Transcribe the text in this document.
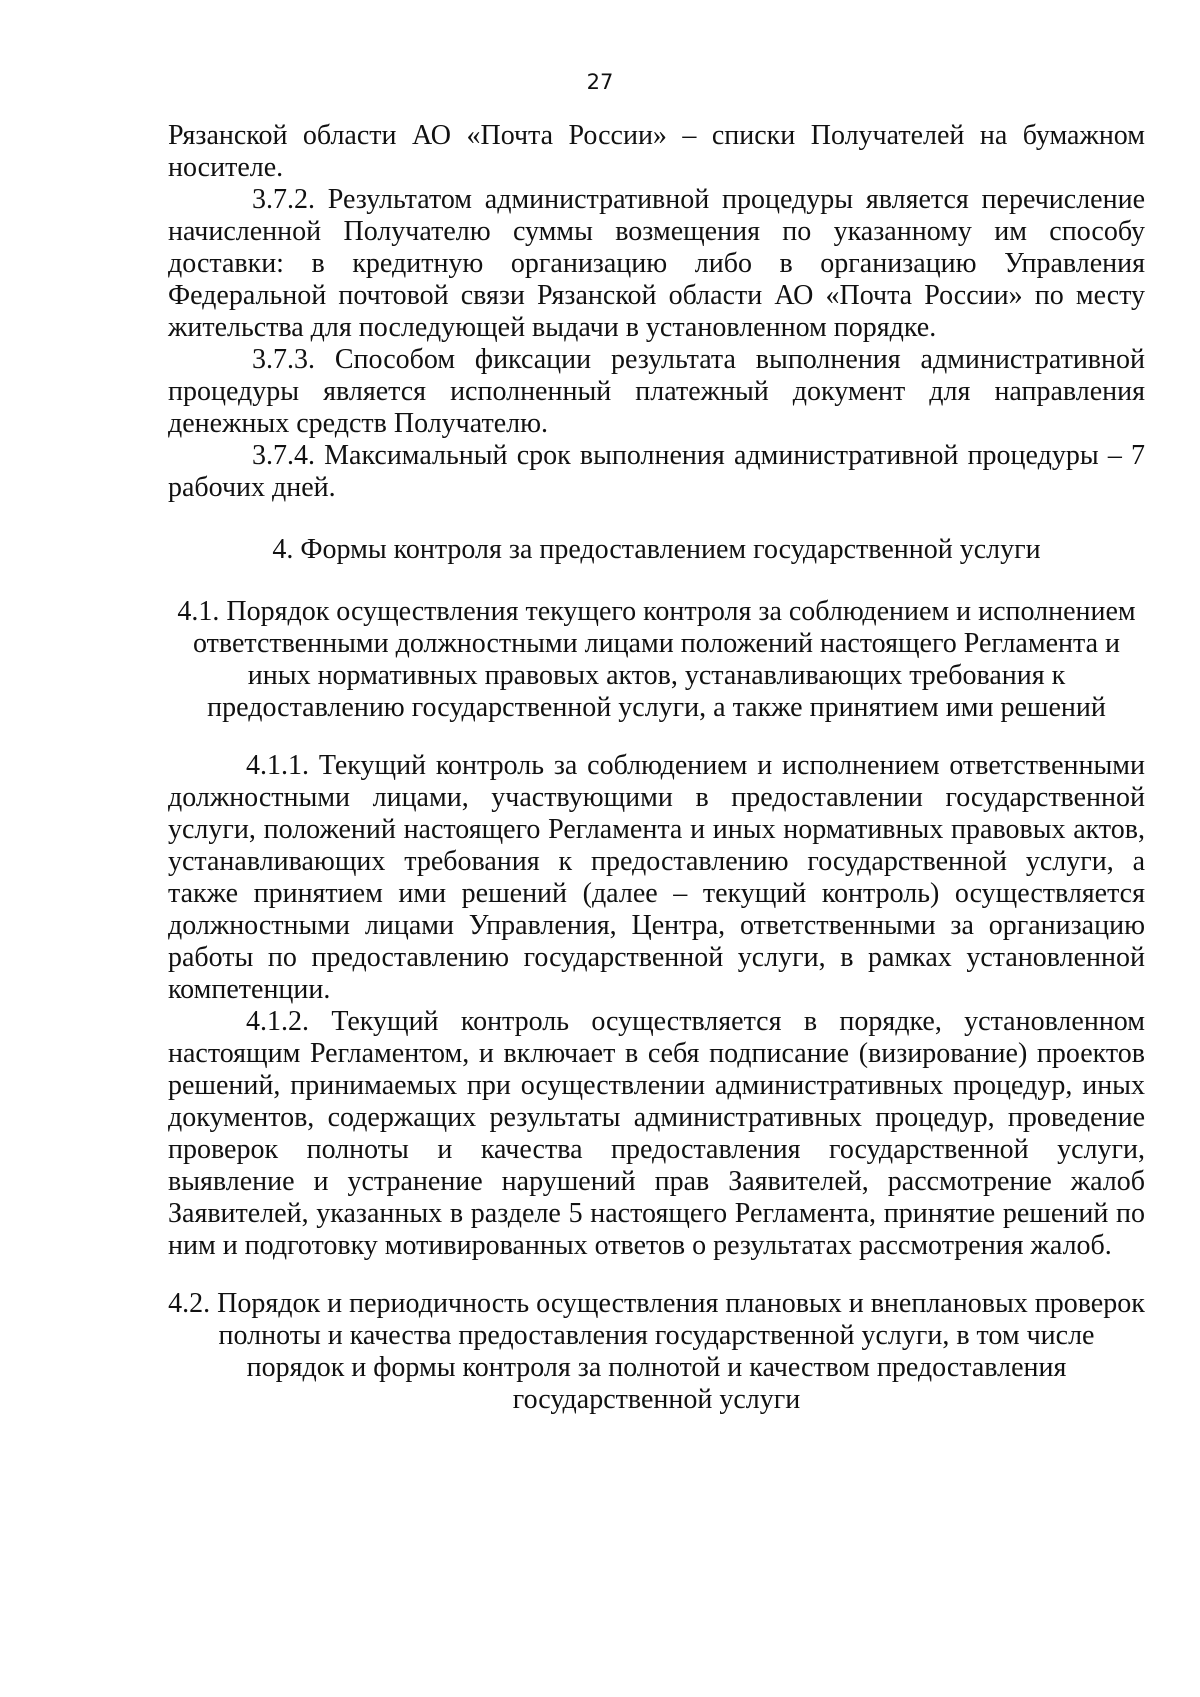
27

Рязанской области АО «Почта России» – списки Получателей на бумажном носителе.

3.7.2. Результатом административной процедуры является перечисление начисленной Получателю суммы возмещения по указанному им способу доставки: в кредитную организацию либо в организацию Управления Федеральной почтовой связи Рязанской области АО «Почта России» по месту жительства для последующей выдачи в установленном порядке.

3.7.3. Способом фиксации результата выполнения административной процедуры является исполненный платежный документ для направления денежных средств Получателю.

3.7.4. Максимальный срок выполнения административной процедуры – 7 рабочих дней.

4. Формы контроля за предоставлением государственной услуги

4.1. Порядок осуществления текущего контроля за соблюдением и исполнением ответственными должностными лицами положений настоящего Регламента и иных нормативных правовых актов, устанавливающих требования к предоставлению государственной услуги, а также принятием ими решений

4.1.1. Текущий контроль за соблюдением и исполнением ответственными должностными лицами, участвующими в предоставлении государственной услуги, положений настоящего Регламента и иных нормативных правовых актов, устанавливающих требования к предоставлению государственной услуги, а также принятием ими решений (далее – текущий контроль) осуществляется должностными лицами Управления, Центра, ответственными за организацию работы по предоставлению государственной услуги, в рамках установленной компетенции.

4.1.2. Текущий контроль осуществляется в порядке, установленном настоящим Регламентом, и включает в себя подписание (визирование) проектов решений, принимаемых при осуществлении административных процедур, иных документов, содержащих результаты административных процедур, проведение проверок полноты и качества предоставления государственной услуги, выявление и устранение нарушений прав Заявителей, рассмотрение жалоб Заявителей, указанных в разделе 5 настоящего Регламента, принятие решений по ним и подготовку мотивированных ответов о результатах рассмотрения жалоб.

4.2. Порядок и периодичность осуществления плановых и внеплановых проверок полноты и качества предоставления государственной услуги, в том числе порядок и формы контроля за полнотой и качеством предоставления государственной услуги
